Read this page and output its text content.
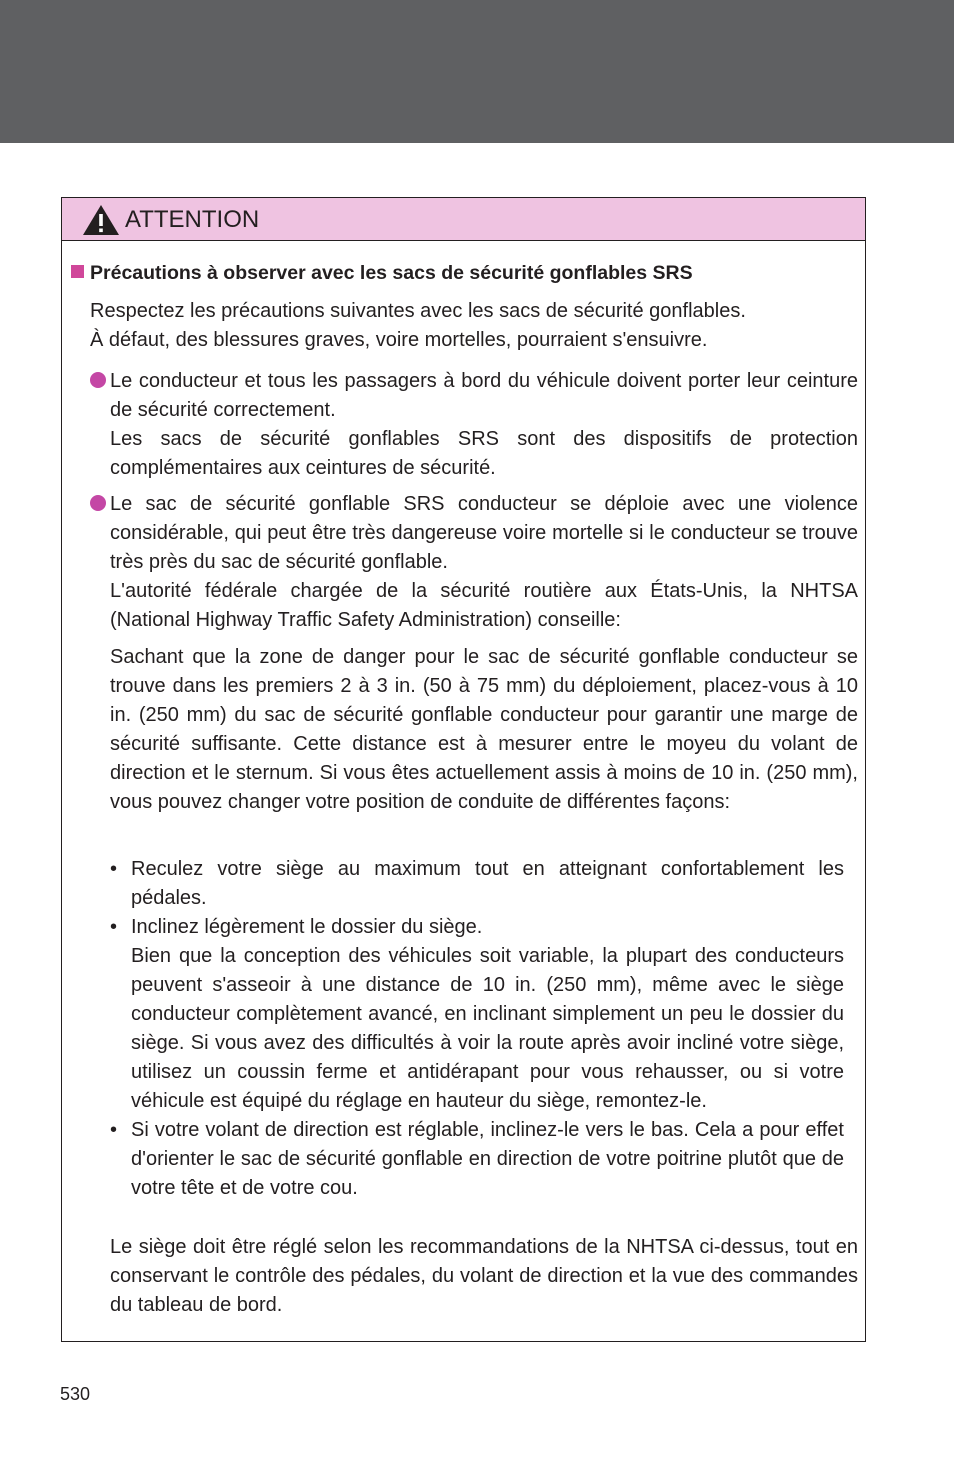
ATTENTION
Précautions à observer avec les sacs de sécurité gonflables SRS
Respectez les précautions suivantes avec les sacs de sécurité gonflables.
À défaut, des blessures graves, voire mortelles, pourraient s'ensuivre.
Le conducteur et tous les passagers à bord du véhicule doivent porter leur ceinture de sécurité correctement.
Les sacs de sécurité gonflables SRS sont des dispositifs de protection complémentaires aux ceintures de sécurité.
Le sac de sécurité gonflable SRS conducteur se déploie avec une violence considérable, qui peut être très dangereuse voire mortelle si le conducteur se trouve très près du sac de sécurité gonflable.
L'autorité fédérale chargée de la sécurité routière aux États-Unis, la NHTSA (National Highway Traffic Safety Administration) conseille:
Sachant que la zone de danger pour le sac de sécurité gonflable conducteur se trouve dans les premiers 2 à 3 in. (50 à 75 mm) du déploiement, placez-vous à 10 in. (250 mm) du sac de sécurité gonflable conducteur pour garantir une marge de sécurité suffisante. Cette distance est à mesurer entre le moyeu du volant de direction et le sternum. Si vous êtes actuellement assis à moins de 10 in. (250 mm), vous pouvez changer votre position de conduite de différentes façons:
• Reculez votre siège au maximum tout en atteignant confortablement les pédales.
• Inclinez légèrement le dossier du siège.
Bien que la conception des véhicules soit variable, la plupart des conducteurs peuvent s'asseoir à une distance de 10 in. (250 mm), même avec le siège conducteur complètement avancé, en inclinant simplement un peu le dossier du siège. Si vous avez des difficultés à voir la route après avoir incliné votre siège, utilisez un coussin ferme et antidérapant pour vous rehausser, ou si votre véhicule est équipé du réglage en hauteur du siège, remontez-le.
• Si votre volant de direction est réglable, inclinez-le vers le bas. Cela a pour effet d'orienter le sac de sécurité gonflable en direction de votre poitrine plutôt que de votre tête et de votre cou.
Le siège doit être réglé selon les recommandations de la NHTSA ci-dessus, tout en conservant le contrôle des pédales, du volant de direction et la vue des commandes du tableau de bord.
530
